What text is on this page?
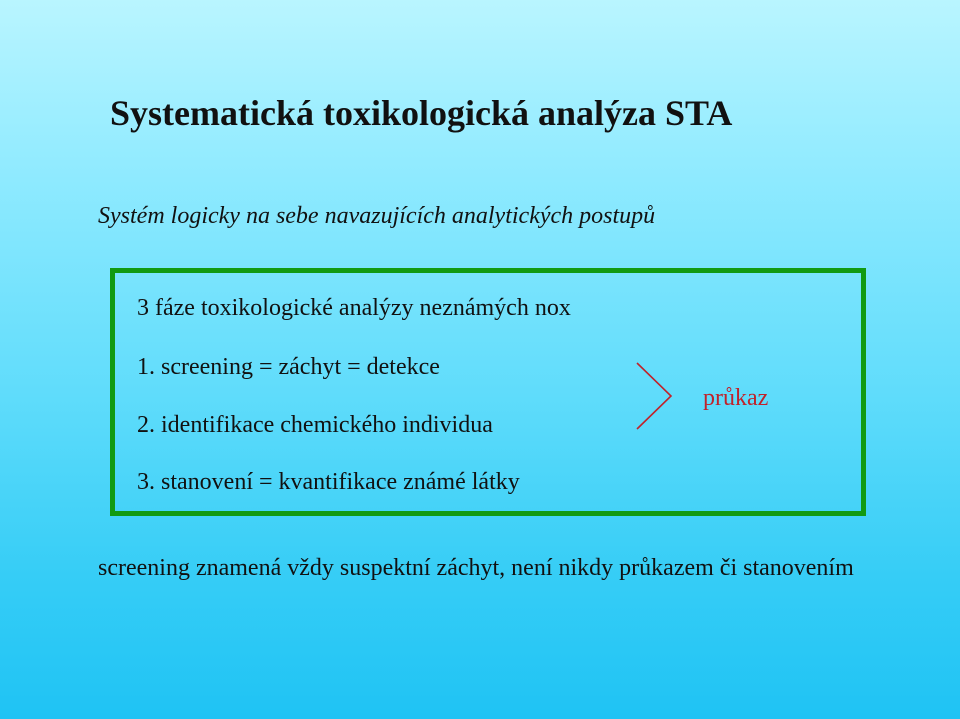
Systematická toxikologická analýza STA

Systém logicky na sebe navazujících analytických postupů

3 fáze toxikologické analýzy neznámých nox

1. screening = záchyt = detekce

2. identifikace chemického individua

3. stanovení = kvantifikace známé látky

průkaz

screening znamená vždy suspektní záchyt, není nikdy průkazem či stanovením
